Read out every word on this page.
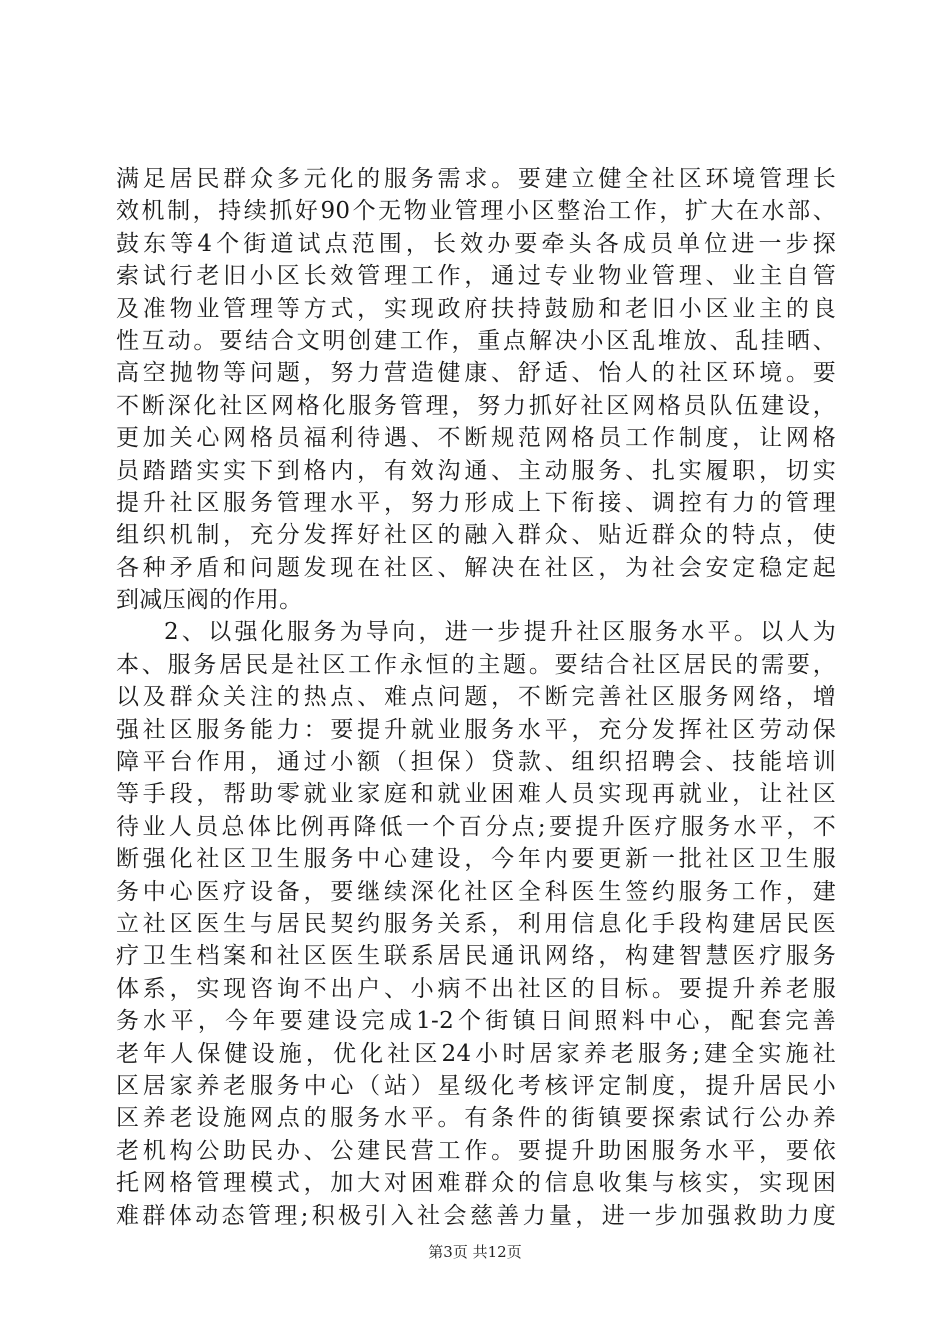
满足居民群众多元化的服务需求。要建立健全社区环境管理长
效机制，持续抓好90个无物业管理小区整治工作，扩大在水部、
鼓东等4个街道试点范围，长效办要牵头各成员单位进一步探
索试行老旧小区长效管理工作，通过专业物业管理、业主自管
及准物业管理等方式，实现政府扶持鼓励和老旧小区业主的良
性互动。要结合文明创建工作，重点解决小区乱堆放、乱挂晒、
高空抛物等问题，努力营造健康、舒适、怡人的社区环境。要
不断深化社区网格化服务管理，努力抓好社区网格员队伍建设，
更加关心网格员福利待遇、不断规范网格员工作制度，让网格
员踏踏实实下到格内，有效沟通、主动服务、扎实履职，切实
提升社区服务管理水平，努力形成上下衔接、调控有力的管理
组织机制，充分发挥好社区的融入群众、贴近群众的特点，使
各种矛盾和问题发现在社区、解决在社区，为社会安定稳定起
到减压阀的作用。
2、以强化服务为导向，进一步提升社区服务水平。以人为
本、服务居民是社区工作永恒的主题。要结合社区居民的需要，
以及群众关注的热点、难点问题，不断完善社区服务网络，增
强社区服务能力：要提升就业服务水平，充分发挥社区劳动保
障平台作用，通过小额（担保）贷款、组织招聘会、技能培训
等手段，帮助零就业家庭和就业困难人员实现再就业，让社区
待业人员总体比例再降低一个百分点;要提升医疗服务水平，不
断强化社区卫生服务中心建设，今年内要更新一批社区卫生服
务中心医疗设备，要继续深化社区全科医生签约服务工作，建
立社区医生与居民契约服务关系，利用信息化手段构建居民医
疗卫生档案和社区医生联系居民通讯网络，构建智慧医疗服务
体系，实现咨询不出户、小病不出社区的目标。要提升养老服
务水平，今年要建设完成1-2个街镇日间照料中心，配套完善
老年人保健设施，优化社区24小时居家养老服务;建全实施社
区居家养老服务中心（站）星级化考核评定制度，提升居民小
区养老设施网点的服务水平。有条件的街镇要探索试行公办养
老机构公助民办、公建民营工作。要提升助困服务水平，要依
托网格管理模式，加大对困难群众的信息收集与核实，实现困
难群体动态管理;积极引入社会慈善力量，进一步加强救助力度
第3页 共12页
